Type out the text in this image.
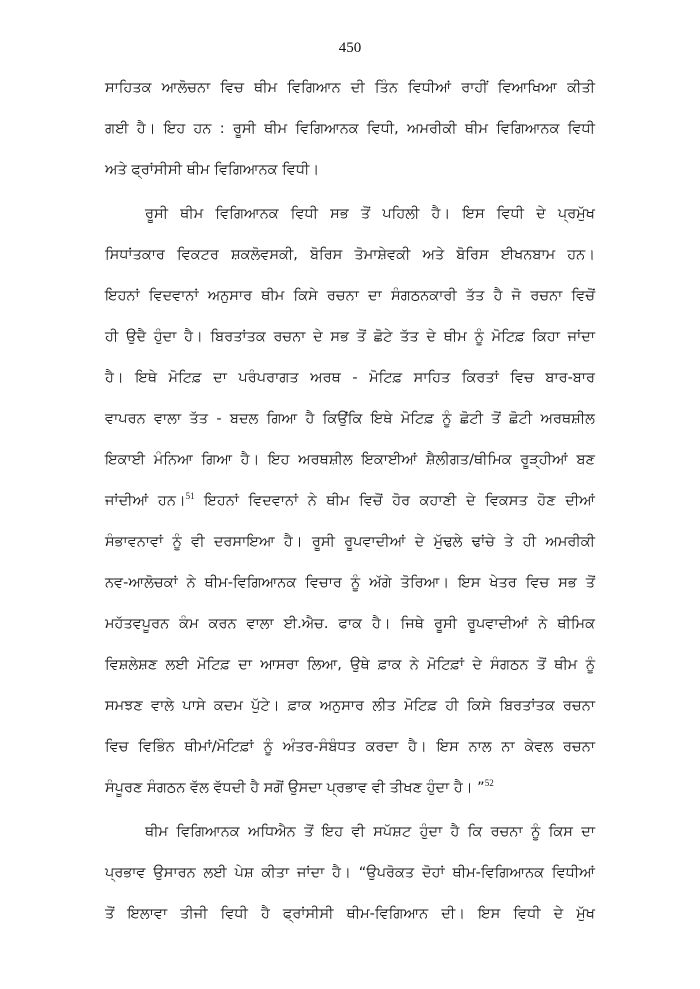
450
ਸਾਹਿਤਕ ਆਲੋਚਨਾ ਵਿਚ ਥੀਮ ਵਿਗਿਆਨ ਦੀ ਤਿੰਨ ਵਿਧੀਆਂ ਰਾਹੀਂ ਵਿਆਖਿਆ ਕੀਤੀ
ਗਈ ਹੈ। ਇਹ ਹਨ : ਰੂਸੀ ਥੀਮ ਵਿਗਿਆਨਕ ਵਿਧੀ, ਅਮਰੀਕੀ ਥੀਮ ਵਿਗਿਆਨਕ ਵਿਧੀ
ਅਤੇ ਫ੍ਰਾਂਸੀਸੀ ਥੀਮ ਵਿਗਿਆਨਕ ਵਿਧੀ।
ਰੂਸੀ ਥੀਮ ਵਿਗਿਆਨਕ ਵਿਧੀ ਸਭ ਤੋਂ ਪਹਿਲੀ ਹੈ। ਇਸ ਵਿਧੀ ਦੇ ਪ੍ਰਮੁੱਖ
ਸਿਧਾਂਤਕਾਰ ਵਿਕਟਰ ਸ਼ਕਲੋਵਸਕੀ, ਬੋਰਿਸ ਤੋਮਾਸ਼ੇਵਕੀ ਅਤੇ ਬੋਰਿਸ ਈਖਨਬਾਮ ਹਨ।
ਇਹਨਾਂ ਵਿਦਵਾਨਾਂ ਅਨੁਸਾਰ ਥੀਮ ਕਿਸੇ ਰਚਨਾ ਦਾ ਸੰਗਠਨਕਾਰੀ ਤੱਤ ਹੈ ਜੋ ਰਚਨਾ ਵਿਚੋਂ
ਹੀ ਉਦੈ ਹੁੰਦਾ ਹੈ। ਬਿਰਤਾਂਤਕ ਰਚਨਾ ਦੇ ਸਭ ਤੋਂ ਛੋਟੇ ਤੱਤ ਦੇ ਥੀਮ ਨੂੰ ਮੋਟਿਫ਼ ਕਿਹਾ ਜਾਂਦਾ
ਹੈ। ਇਥੇ ਮੋਟਿਫ਼ ਦਾ ਪਰੰਪਰਾਗਤ ਅਰਥ - ਮੋਟਿਫ਼ ਸਾਹਿਤ ਕਿਰਤਾਂ ਵਿਚ ਬਾਰ-ਬਾਰ
ਵਾਪਰਨ ਵਾਲਾ ਤੱਤ - ਬਦਲ ਗਿਆ ਹੈ ਕਿਉਂਕਿ ਇਥੇ ਮੋਟਿਫ਼ ਨੂੰ ਛੋਟੀ ਤੋਂ ਛੋਟੀ ਅਰਥਸ਼ੀਲ
ਇਕਾਈ ਮੰਨਿਆ ਗਿਆ ਹੈ। ਇਹ ਅਰਥਸ਼ੀਲ ਇਕਾਈਆਂ ਸ਼ੈਲੀਗਤ/ਥੀਮਿਕ ਰੂੜ੍ਹੀਆਂ ਬਣ
ਜਾਂਦੀਆਂ ਹਨ।$^{51}$ ਇਹਨਾਂ ਵਿਦਵਾਨਾਂ ਨੇ ਥੀਮ ਵਿਚੋਂ ਹੋਰ ਕਹਾਣੀ ਦੇ ਵਿਕਸਤ ਹੋਣ ਦੀਆਂ
ਸੰਭਾਵਨਾਵਾਂ ਨੂੰ ਵੀ ਦਰਸਾਇਆ ਹੈ। ਰੂਸੀ ਰੂਪਵਾਦੀਆਂ ਦੇ ਮੁੱਢਲੇ ਢਾਂਚੇ ਤੇ ਹੀ ਅਮਰੀਕੀ
ਨਵ-ਆਲੋਚਕਾਂ ਨੇ ਥੀਮ-ਵਿਗਿਆਨਕ ਵਿਚਾਰ ਨੂੰ ਅੱਗੇ ਤੋਰਿਆ। ਇਸ ਖੇਤਰ ਵਿਚ ਸਭ ਤੋਂ
ਮਹੱਤਵਪੂਰਨ ਕੰਮ ਕਰਨ ਵਾਲਾ ਈ.ਐਚ. ਫਾਕ ਹੈ। ਜਿਥੇ ਰੂਸੀ ਰੂਪਵਾਦੀਆਂ ਨੇ ਥੀਮਿਕ
ਵਿਸ਼ਲੇਸ਼ਣ ਲਈ ਮੋਟਿਫ਼ ਦਾ ਆਸਰਾ ਲਿਆ, ਉਥੇ ਫ਼ਾਕ ਨੇ ਮੋਟਿਫ਼ਾਂ ਦੇ ਸੰਗਠਨ ਤੋਂ ਥੀਮ ਨੂੰ
ਸਮਝਣ ਵਾਲੇ ਪਾਸੇ ਕਦਮ ਪੁੱਟੇ। ਫ਼ਾਕ ਅਨੁਸਾਰ ਲੀਤ ਮੋਟਿਫ਼ ਹੀ ਕਿਸੇ ਬਿਰਤਾਂਤਕ ਰਚਨਾ
ਵਿਚ ਵਿਭਿੰਨ ਥੀਮਾਂ/ਮੋਟਿਫ਼ਾਂ ਨੂੰ ਅੰਤਰ-ਸੰਬੰਧਤ ਕਰਦਾ ਹੈ। ਇਸ ਨਾਲ ਨਾ ਕੇਵਲ ਰਚਨਾ
ਸੰਪੂਰਣ ਸੰਗਠਨ ਵੱਲ ਵੱਧਦੀ ਹੈ ਸਗੋਂ ਉਸਦਾ ਪ੍ਰਭਾਵ ਵੀ ਤੀਖਣ ਹੁੰਦਾ ਹੈ। ”$^{52}$
ਥੀਮ ਵਿਗਿਆਨਕ ਅਧਿਐਨ ਤੋਂ ਇਹ ਵੀ ਸਪੱਸ਼ਟ ਹੁੰਦਾ ਹੈ ਕਿ ਰਚਨਾ ਨੂੰ ਕਿਸ ਦਾ
ਪ੍ਰਭਾਵ ਉਸਾਰਨ ਲਈ ਪੇਸ਼ ਕੀਤਾ ਜਾਂਦਾ ਹੈ। “ਉਪਰੋਕਤ ਦੋਹਾਂ ਥੀਮ-ਵਿਗਿਆਨਕ ਵਿਧੀਆਂ
ਤੋਂ ਇਲਾਵਾ ਤੀਜੀ ਵਿਧੀ ਹੈ ਫ੍ਰਾਂਸੀਸੀ ਥੀਮ-ਵਿਗਿਆਨ ਦੀ। ਇਸ ਵਿਧੀ ਦੇ ਮੁੱਖ
